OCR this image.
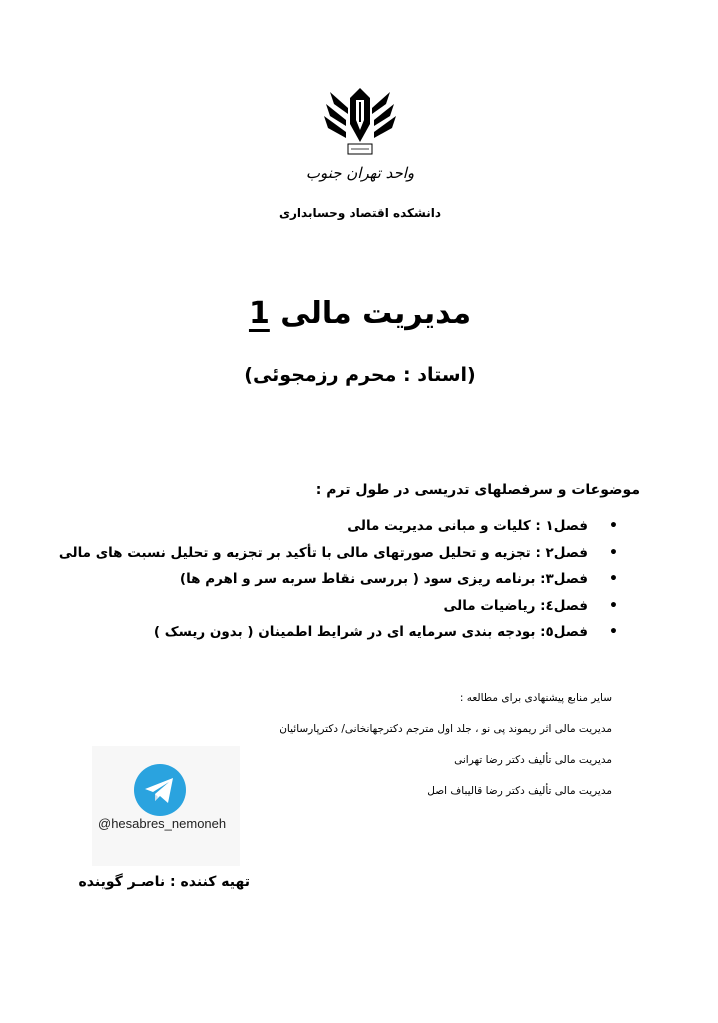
واحد تهران جنوب
دانشکده اقتصاد وحسابداری
مدیریت مالی 1
(استاد : محرم رزمجوئی)
موضوعات و سرفصلهای تدریسی در طول ترم :
• فصل۱ : کلیات و مبانی مدیریت مالی
• فصل۲ : تجزیه و تحلیل صورتهای مالی با تأکید بر تجزیه و تحلیل نسبت های مالی
• فصل۳: برنامه ریزی سود ( بررسی نقاط سربه سر و اهرم ها)
• فصل٤: ریاضیات مالی
• فصل٥: بودجه بندی سرمایه ای در شرایط اطمینان ( بدون ریسک )
سایر منابع پیشنهادی برای مطالعه :
مدیریت مالی اثر ریموند پی نو ، جلد اول مترجم دکترجهانخانی/ دکترپارسائیان
مدیریت مالی تألیف دکتر رضا تهرانی
مدیریت مالی تألیف دکتر رضا قالیباف اصل
@hesabres_nemoneh
تهیه کننده : ناصـر گوینده
